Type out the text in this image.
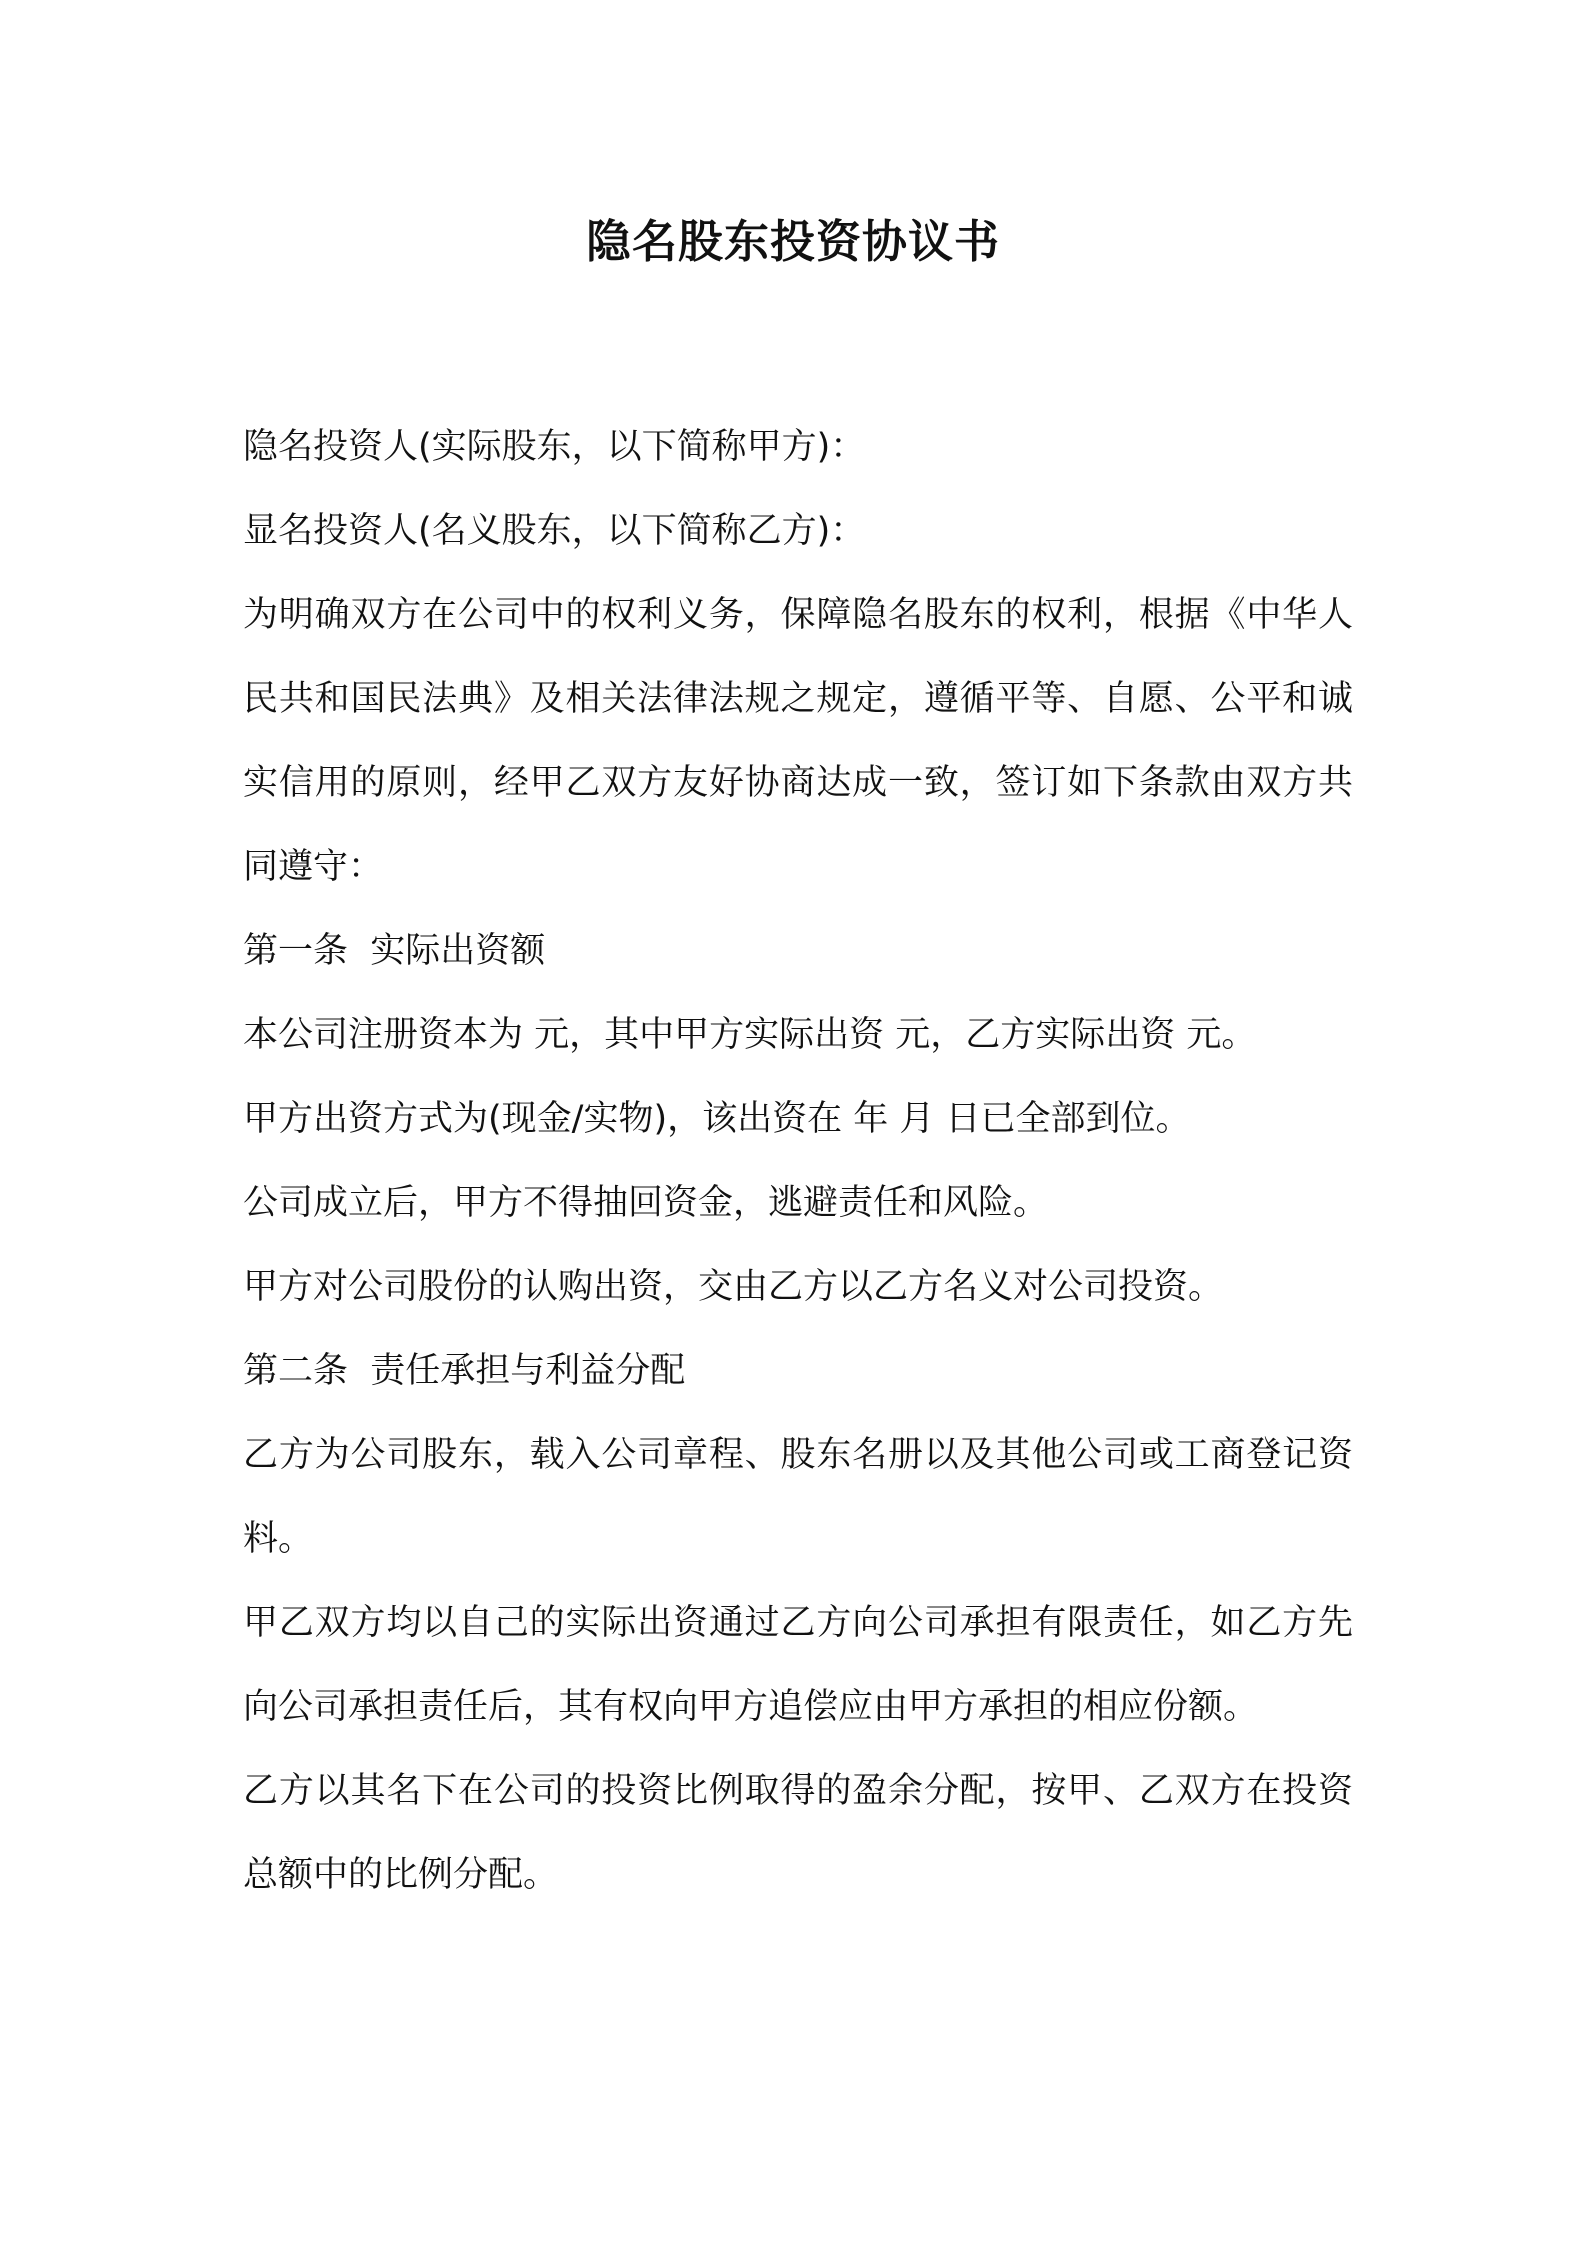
隐名股东投资协议书

隐名投资人(实际股东，以下简称甲方)：

显名投资人(名义股东，以下简称乙方)：

为明确双方在公司中的权利义务，保障隐名股东的权利，根据《中华人民共和国民法典》及相关法律法规之规定，遵循平等、自愿、公平和诚实信用的原则，经甲乙双方友好协商达成一致，签订如下条款由双方共同遵守：

第一条  实际出资额

本公司注册资本为 元，其中甲方实际出资 元，乙方实际出资 元。

甲方出资方式为(现金/实物)，该出资在 年 月 日已全部到位。

公司成立后，甲方不得抽回资金，逃避责任和风险。

甲方对公司股份的认购出资，交由乙方以乙方名义对公司投资。

第二条  责任承担与利益分配

乙方为公司股东，载入公司章程、股东名册以及其他公司或工商登记资料。

甲乙双方均以自己的实际出资通过乙方向公司承担有限责任，如乙方先向公司承担责任后，其有权向甲方追偿应由甲方承担的相应份额。

乙方以其名下在公司的投资比例取得的盈余分配，按甲、乙双方在投资总额中的比例分配。
